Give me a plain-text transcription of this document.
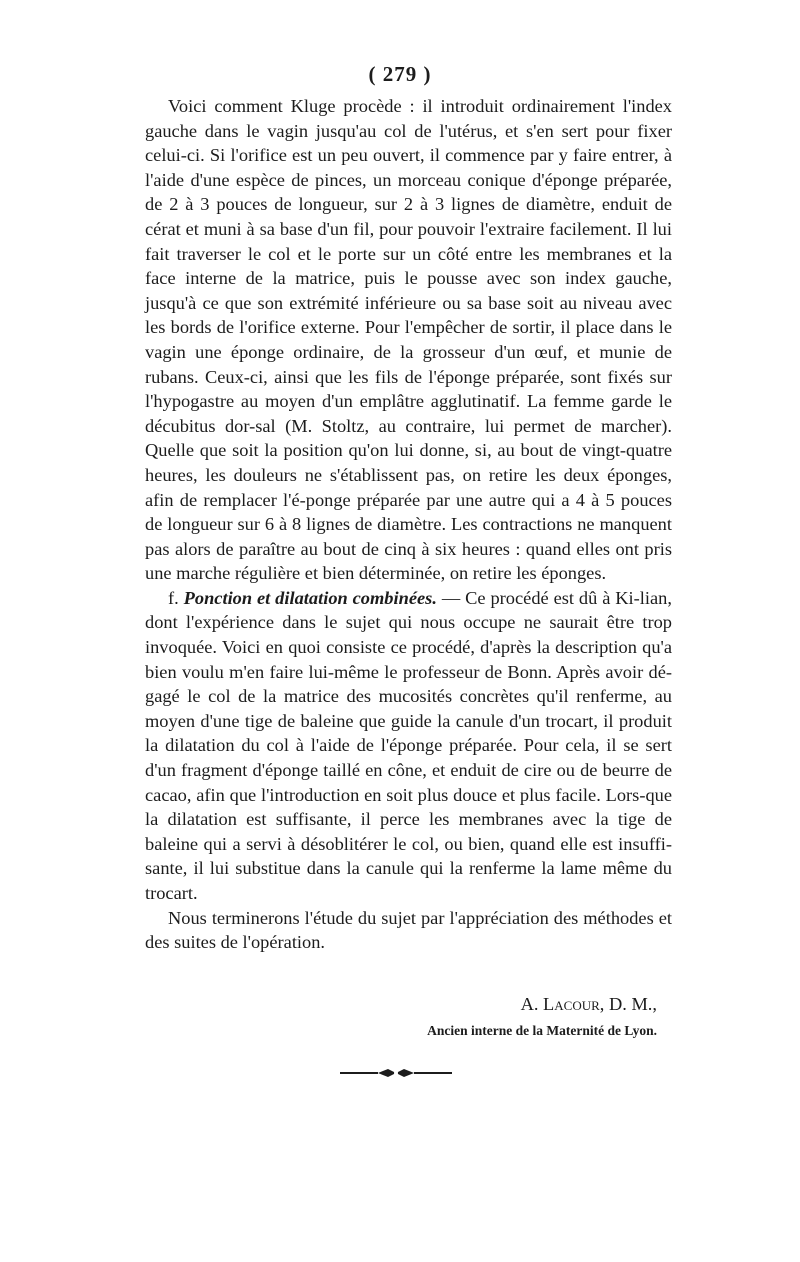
( 279 )

Voici comment Kluge procède : il introduit ordinairement l'index gauche dans le vagin jusqu'au col de l'utérus, et s'en sert pour fixer celui-ci. Si l'orifice est un peu ouvert, il commence par y faire entrer, à l'aide d'une espèce de pinces, un morceau conique d'éponge préparée, de 2 à 3 pouces de longueur, sur 2 à 3 lignes de diamètre, enduit de cérat et muni à sa base d'un fil, pour pouvoir l'extraire facilement. Il lui fait traverser le col et le porte sur un côté entre les membranes et la face interne de la matrice, puis le pousse avec son index gauche, jusqu'à ce que son extrémité inférieure ou sa base soit au niveau avec les bords de l'orifice externe. Pour l'empêcher de sortir, il place dans le vagin une éponge ordinaire, de la grosseur d'un œuf, et munie de rubans. Ceux-ci, ainsi que les fils de l'éponge préparée, sont fixés sur l'hypogastre au moyen d'un emplâtre agglutinatif. La femme garde le décubitus dor-sal (M. Stoltz, au contraire, lui permet de marcher). Quelle que soit la position qu'on lui donne, si, au bout de vingt-quatre heures, les douleurs ne s'établissent pas, on retire les deux éponges, afin de remplacer l'é-ponge préparée par une autre qui a 4 à 5 pouces de longueur sur 6 à 8 lignes de diamètre. Les contractions ne manquent pas alors de paraître au bout de cinq à six heures : quand elles ont pris une marche régulière et bien déterminée, on retire les éponges.

f. Ponction et dilatation combinées. — Ce procédé est dû à Ki-lian, dont l'expérience dans le sujet qui nous occupe ne saurait être trop invoquée. Voici en quoi consiste ce procédé, d'après la description qu'a bien voulu m'en faire lui-même le professeur de Bonn. Après avoir dé-gagé le col de la matrice des mucosités concrètes qu'il renferme, au moyen d'une tige de baleine que guide la canule d'un trocart, il produit la dilatation du col à l'aide de l'éponge préparée. Pour cela, il se sert d'un fragment d'éponge taillé en cône, et enduit de cire ou de beurre de cacao, afin que l'introduction en soit plus douce et plus facile. Lors-que la dilatation est suffisante, il perce les membranes avec la tige de baleine qui a servi à désoblitérer le col, ou bien, quand elle est insuffi-sante, il lui substitue dans la canule qui la renferme la lame même du trocart.

Nous terminerons l'étude du sujet par l'appréciation des méthodes et des suites de l'opération.

A. Lacour, D. M.,
Ancien interne de la Maternité de Lyon.
